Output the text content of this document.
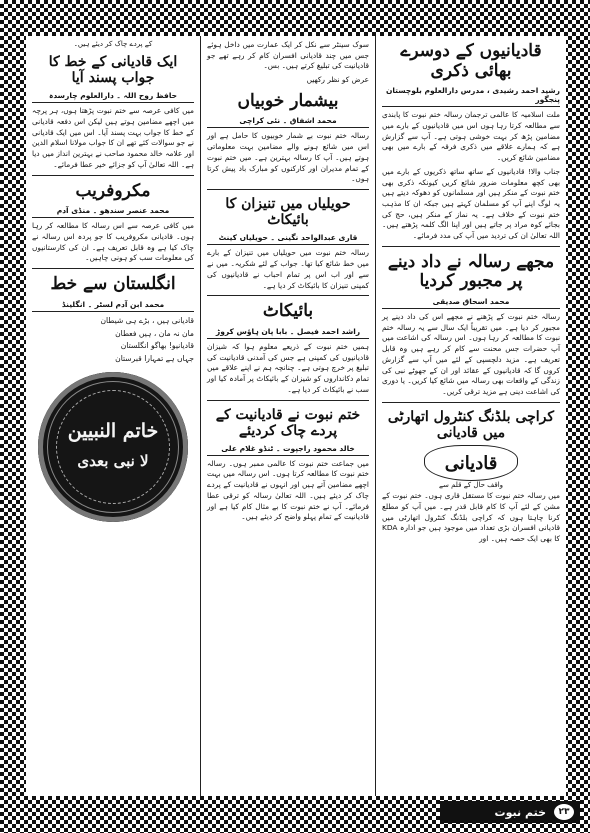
قادیانیوں کے دوسرے بھائی ذکری
رشید احمد رشیدی ، مدرس دارالعلوم بلوچستان پنجگور

ملت اسلامیہ کا عالمی ترجمان رسالہ ختم نبوت کا پابندی سے مطالعہ کرتا رہا ہوں اس میں قادیانیوں کے بارے میں مضامین پڑھ کر بہت خوشی ہوتی ہے۔ آپ سے گزارش ہے کہ ہمارے علاقے میں ذکری فرقہ کے بارے میں بھی مضامین شائع کریں۔

جناب والا! قادیانیوں کے ساتھ ساتھ ذکریوں کے بارے میں بھی کچھ معلومات ضرور شائع کریں کیونکہ ذکری بھی ختم نبوت کے منکر ہیں اور مسلمانوں کو دھوکہ دیتے ہیں یہ لوگ اپنے آپ کو مسلمان کہتے ہیں جبکہ ان کا مذہب ختم نبوت کے خلاف ہے۔ یہ نماز کے منکر ہیں، حج کی بجائے کوہ مراد پر جاتے ہیں اور اپنا الگ کلمہ پڑھتے ہیں۔ اللہ تعالیٰ ان کی تردید میں آپ کی مدد فرمائے۔

مجھے رسالہ نے داد دینے پر مجبور کردیا
محمد اسحاق صدیقی

رسالہ ختم نبوت کے پڑھنے نے مجھے اس کی داد دینے پر مجبور کر دیا ہے۔ میں تقریباً ایک سال سے یہ رسالہ ختم نبوت کا مطالعہ کر رہا ہوں۔ اس رسالہ کی اشاعت میں آپ حضرات جس محنت سے کام کر رہے ہیں وہ قابل تعریف ہے۔ مزید دلچسپی کے لئے میں آپ سے گزارش کروں گا کہ قادیانیوں کے عقائد اور ان کے جھوٹے نبی کی زندگی کے واقعات بھی رسالہ میں شائع کیا کریں۔ یا دوری کی اشاعت دینی ہے مزید ترقی کریں۔

کراچی بلڈنگ کنٹرول اتھارٹی میں قادیانی
قادیانی
واقف حال کے قلم سے

میں رسالہ ختم نبوت کا مستقل قاری ہوں۔ ختم نبوت کے مشن کے لئے آپ کا کام قابل قدر ہے۔ میں آپ کو مطلع کرنا چاہتا ہوں کہ کراچی بلڈنگ کنٹرول اتھارٹی میں قادیانی افسران بڑی تعداد میں موجود ہیں جو ادارہ KDA کا بھی ایک حصہ ہیں۔ اور

سوک سینٹر سے نکل کر ایک عمارت میں داخل ہوئے جس میں چند قادیانی افسران کام کر رہے تھے جو قادیانیت کی تبلیغ کرتے ہیں۔ بس۔

عرض کو نظر رکھیں

بیشمار خوبیاں
محمد اشفاق ۔ نئی کراچی

رسالہ ختم نبوت بے شمار خوبیوں کا حامل ہے اور اس میں شائع ہونے والے مضامین بہت معلوماتی ہوتے ہیں۔ آپ کا رسالہ بہترین ہے۔ میں ختم نبوت کے تمام مدیران اور کارکنوں کو مبارک باد پیش کرتا ہوں۔

حویلیاں میں تنیزان کا بائیکاٹ
قاری عبدالواحد نگینی ۔ حویلیاں کینٹ

رسالہ ختم نبوت میں حویلیاں میں تنیزان کے بارے میں خط شائع کیا تھا۔ جواب کے لئے شکریہ۔ میں نے سے اور اب اس پر تمام احباب نے قادیانیوں کی کمپنی تنیزان کا بائیکاٹ کر دیا ہے۔

بائیکاٹ
راشد احمد فیصل ۔ بابا پان ہاؤس کروڑ

ہمیں ختم نبوت کے ذریعے معلوم ہوا کہ شیزان قادیانیوں کی کمپنی ہے جس کی آمدنی قادیانیت کی تبلیغ پر خرچ ہوتی ہے۔ چنانچہ ہم نے اپنے علاقے میں تمام دکانداروں کو شیزان کے بائیکاٹ پر آمادہ کیا اور سب نے بائیکاٹ کر دیا ہے۔

ختم نبوت نے قادیانیت کے پردے چاک کردیئے
خالد محمود راجپوت ۔ ٹنڈو غلام علی

میں جماعت ختم نبوت کا عالمی ممبر ہوں۔ رسالہ ختم نبوت کا مطالعہ کرتا ہوں۔ اس رسالہ میں بہت اچھے مضامین آتے ہیں اور انہوں نے قادیانیت کے پردے چاک کر دیئے ہیں۔ اللہ تعالیٰ رسالہ کو ترقی عطا فرمائے۔ آپ نے ختم نبوت کا بے مثال کام کیا ہے اور قادیانیت کے تمام پہلو واضح کر دیئے ہیں۔

کے پردے چاک کر دیئے ہیں۔
ایک قادیانی کے خط کا جواب پسند آیا
حافظ روح اللہ ۔ دارالعلوم چارسدہ

میں کافی عرصہ سے ختم نبوت پڑھتا ہوں، ہر پرچہ میں اچھے مضامین ہوتے ہیں لیکن اس دفعہ قادیانی کے خط کا جواب بہت پسند آیا۔ اس میں ایک قادیانی نے جو سوالات کئے تھے ان کا جواب مولانا اسلام الدین اور علامہ خالد محمود صاحب نے بہترین انداز میں دیا ہے۔ اللہ تعالیٰ آپ کو جزائے خیر عطا فرمائے۔

مکروفریب
محمد عنصر سندھو ۔ منڈی آدم

میں کافی عرصہ سے اس رسالہ کا مطالعہ کر رہا ہوں۔ قادیانی مکروفریب کا جو پردہ اس رسالہ نے چاک کیا ہے وہ قابل تعریف ہے۔ ان کی کارستانیوں کی معلومات سب کو ہونی چاہیں۔

انگلستان سے خط
محمد ابن آدم لسٹر ۔ انگلینڈ

قادیانی ہیں ، بڑے ہی شیطان

مان نہ مان ، ہیں فعطان

قادیانیو! بھاگو انگلستان

جہاں ہے تمہارا قبرستان

خاتم النبیین
لا نبی بعدی
۲۳
ختم نبوت
